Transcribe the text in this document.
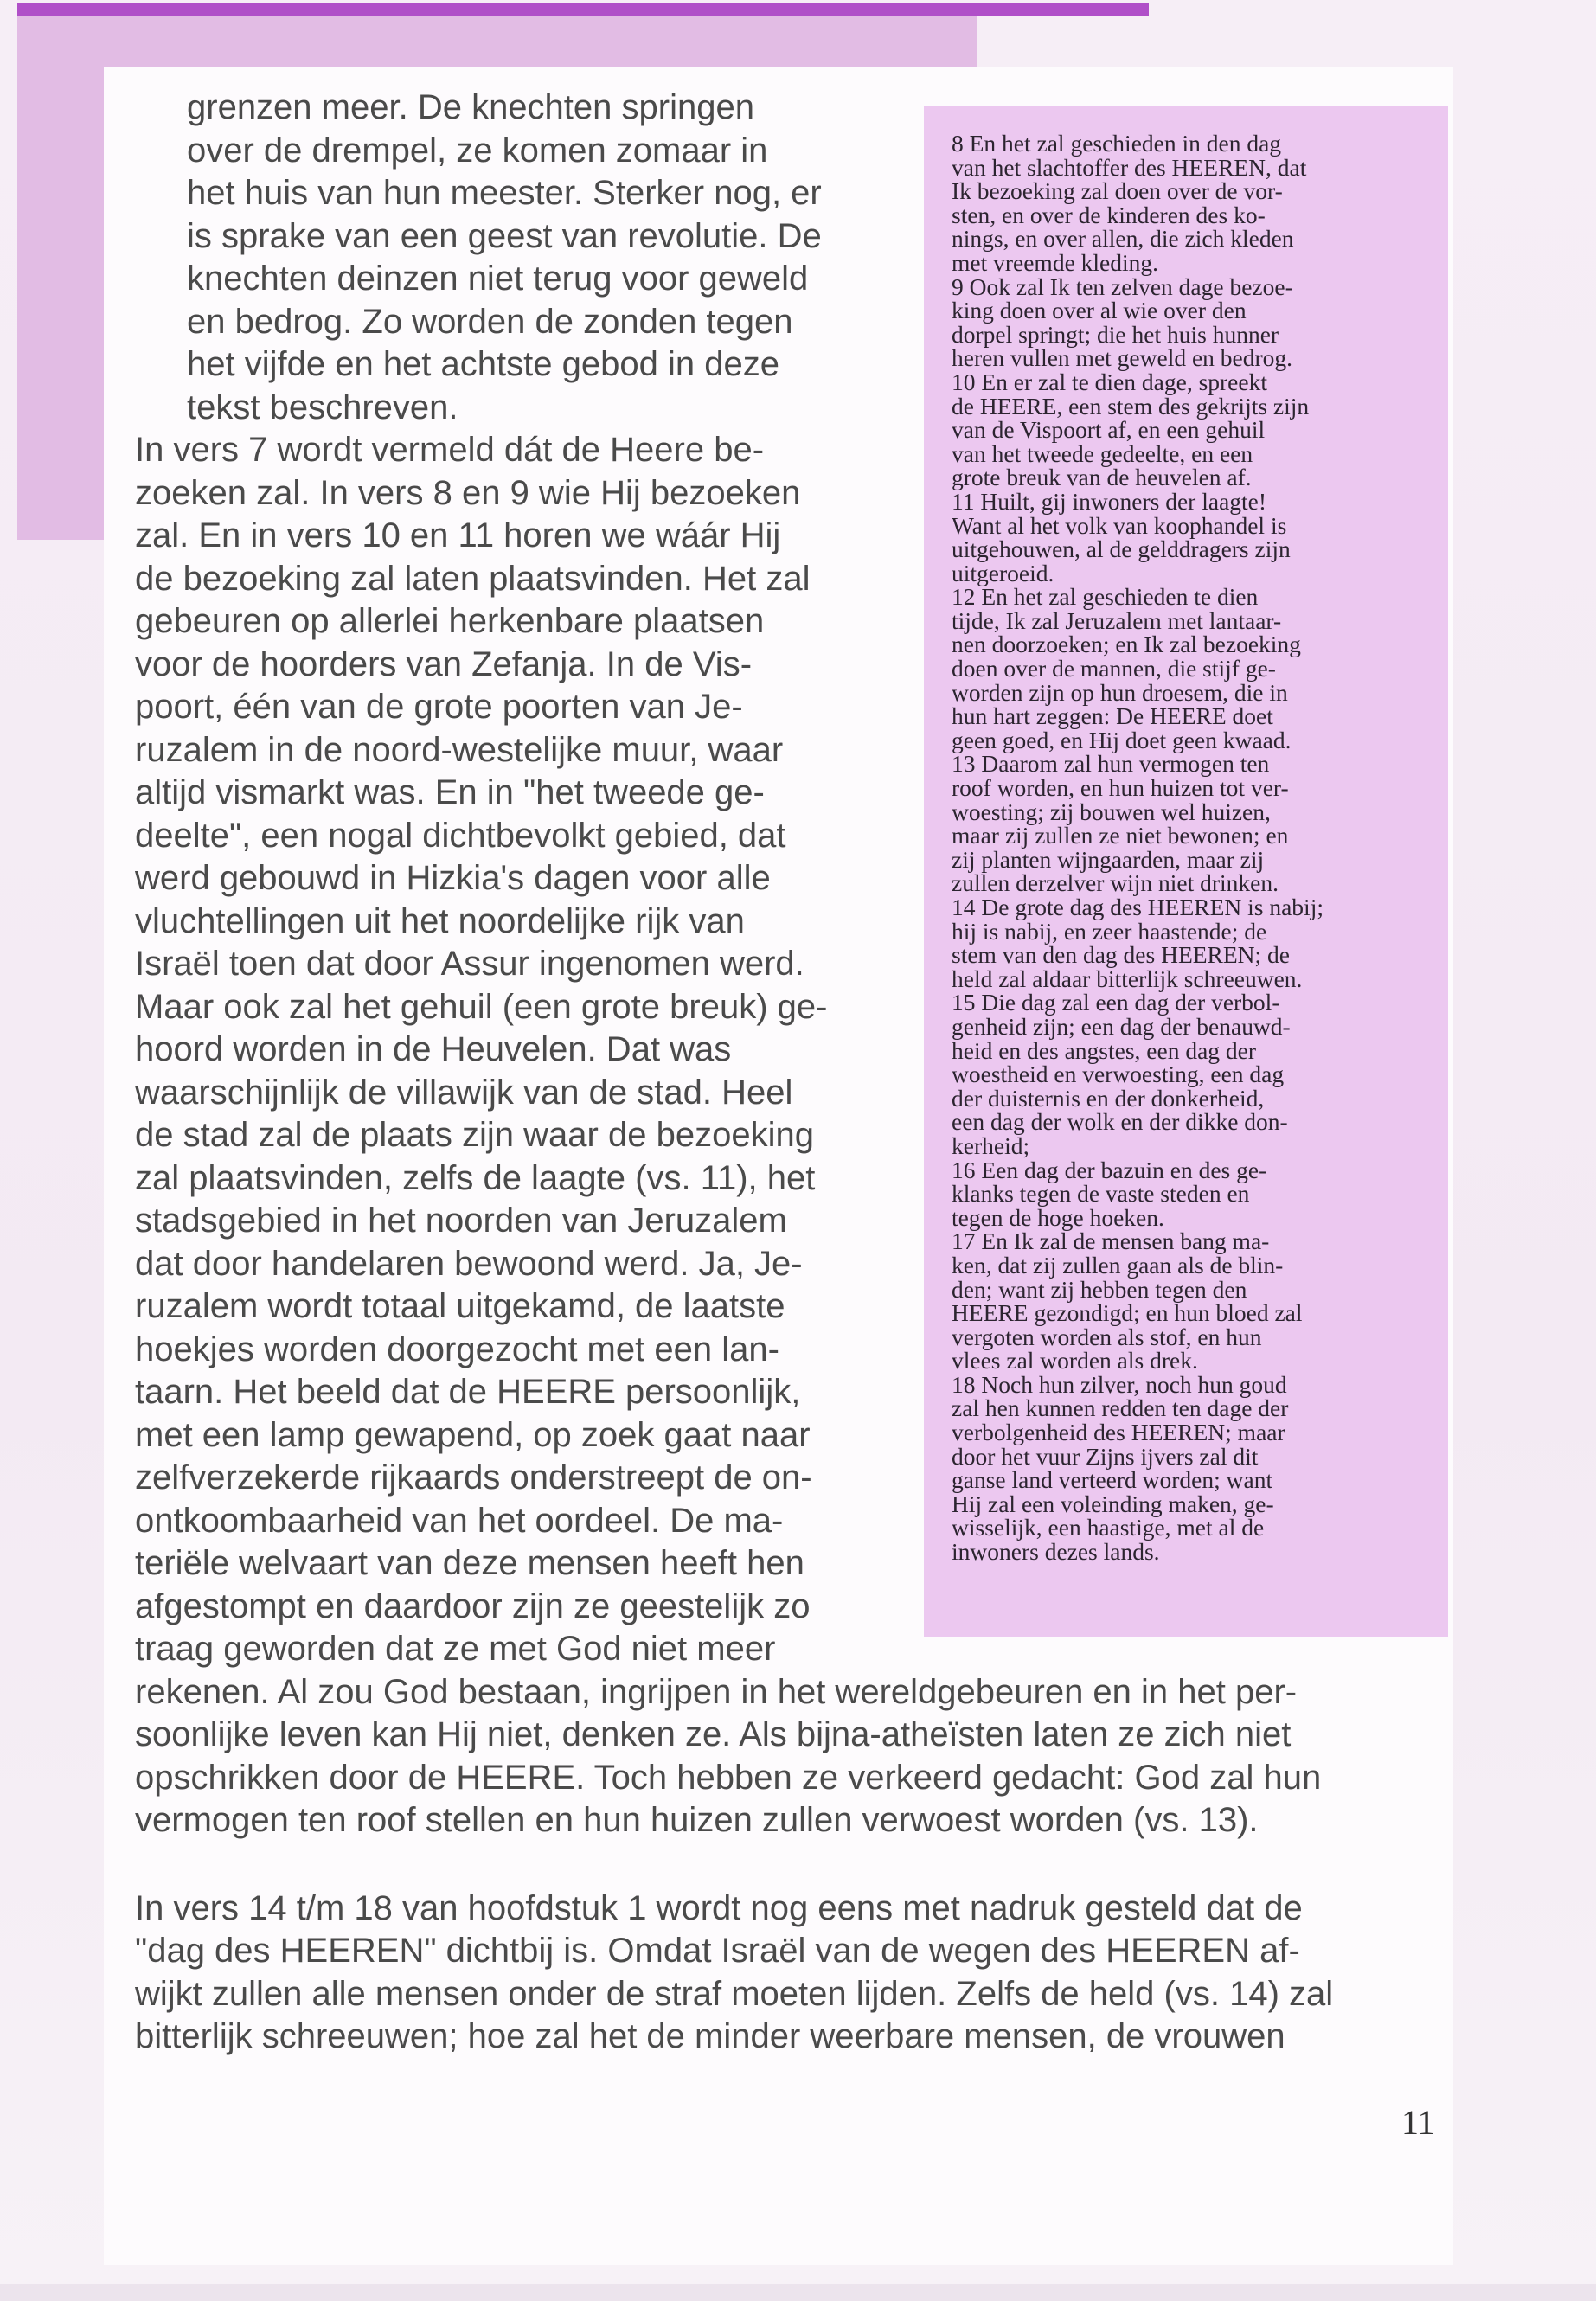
grenzen meer. De knechten springen
over de drempel, ze komen zomaar in
het huis van hun meester. Sterker nog, er
is sprake van een geest van revolutie. De
knechten deinzen niet terug voor geweld
en bedrog. Zo worden de zonden tegen
het vijfde en het achtste gebod in deze
tekst beschreven.
In vers 7 wordt vermeld dát de Heere be-
zoeken zal. In vers 8 en 9 wie Hij bezoeken
zal. En in vers 10 en 11 horen we wáár Hij
de bezoeking zal laten plaatsvinden. Het zal
gebeuren op allerlei herkenbare plaatsen
voor de hoorders van Zefanja. In de Vis-
poort, één van de grote poorten van Je-
ruzalem in de noord-westelijke muur, waar
altijd vismarkt was. En in "het tweede ge-
deelte", een nogal dichtbevolkt gebied, dat
werd gebouwd in Hizkia's dagen voor alle
vluchtellingen uit het noordelijke rijk van
Israël toen dat door Assur ingenomen werd.
Maar ook zal het gehuil (een grote breuk) ge-
hoord worden in de Heuvelen. Dat was
waarschijnlijk de villawijk van de stad. Heel
de stad zal de plaats zijn waar de bezoeking
zal plaatsvinden, zelfs de laagte (vs. 11), het
stadsgebied in het noorden van Jeruzalem
dat door handelaren bewoond werd. Ja, Je-
ruzalem wordt totaal uitgekamd, de laatste
hoekjes worden doorgezocht met een lan-
taarn. Het beeld dat de HEERE persoonlijk,
met een lamp gewapend, op zoek gaat naar
zelfverzekerde rijkaards onderstreept de on-
ontkoombaarheid van het oordeel. De ma-
teriële welvaart van deze mensen heeft hen
afgestompt en daardoor zijn ze geestelijk zo
traag geworden dat ze met God niet meer
rekenen. Al zou God bestaan, ingrijpen in het wereldgebeuren en in het per-
soonlijke leven kan Hij niet, denken ze. Als bijna-atheïsten laten ze zich niet
opschrikken door de HEERE. Toch hebben ze verkeerd gedacht: God zal hun
vermogen ten roof stellen en hun huizen zullen verwoest worden (vs. 13).
In vers 14 t/m 18 van hoofdstuk 1 wordt nog eens met nadruk gesteld dat de
"dag des HEEREN" dichtbij is. Omdat Israël van de wegen des HEEREN af-
wijkt zullen alle mensen onder de straf moeten lijden. Zelfs de held (vs. 14) zal
bitterlijk schreeuwen; hoe zal het de minder weerbare mensen, de vrouwen
8 En het zal geschieden in den dag
van het slachtoffer des HEEREN, dat
Ik bezoeking zal doen over de vor-
sten, en over de kinderen des ko-
nings, en over allen, die zich kleden
met vreemde kleding.
9 Ook zal Ik ten zelven dage bezoe-
king doen over al wie over den
dorpel springt; die het huis hunner
heren vullen met geweld en bedrog.
10 En er zal te dien dage, spreekt
de HEERE, een stem des gekrijts zijn
van de Vispoort af, en een gehuil
van het tweede gedeelte, en een
grote breuk van de heuvelen af.
11 Huilt, gij inwoners der laagte!
Want al het volk van koophandel is
uitgehouwen, al de gelddragers zijn
uitgeroeid.
12 En het zal geschieden te dien
tijde, Ik zal Jeruzalem met lantaar-
nen doorzoeken; en Ik zal bezoeking
doen over de mannen, die stijf ge-
worden zijn op hun droesem, die in
hun hart zeggen: De HEERE doet
geen goed, en Hij doet geen kwaad.
13 Daarom zal hun vermogen ten
roof worden, en hun huizen tot ver-
woesting; zij bouwen wel huizen,
maar zij zullen ze niet bewonen; en
zij planten wijngaarden, maar zij
zullen derzelver wijn niet drinken.
14 De grote dag des HEEREN is nabij;
hij is nabij, en zeer haastende; de
stem van den dag des HEEREN; de
held zal aldaar bitterlijk schreeuwen.
15 Die dag zal een dag der verbol-
genheid zijn; een dag der benauwd-
heid en des angstes, een dag der
woestheid en verwoesting, een dag
der duisternis en der donkerheid,
een dag der wolk en der dikke don-
kerheid;
16 Een dag der bazuin en des ge-
klanks tegen de vaste steden en
tegen de hoge hoeken.
17 En Ik zal de mensen bang ma-
ken, dat zij zullen gaan als de blin-
den; want zij hebben tegen den
HEERE gezondigd; en hun bloed zal
vergoten worden als stof, en hun
vlees zal worden als drek.
18 Noch hun zilver, noch hun goud
zal hen kunnen redden ten dage der
verbolgenheid des HEEREN; maar
door het vuur Zijns ijvers zal dit
ganse land verteerd worden; want
Hij zal een voleinding maken, ge-
wisselijk, een haastige, met al de
inwoners dezes lands.
11
